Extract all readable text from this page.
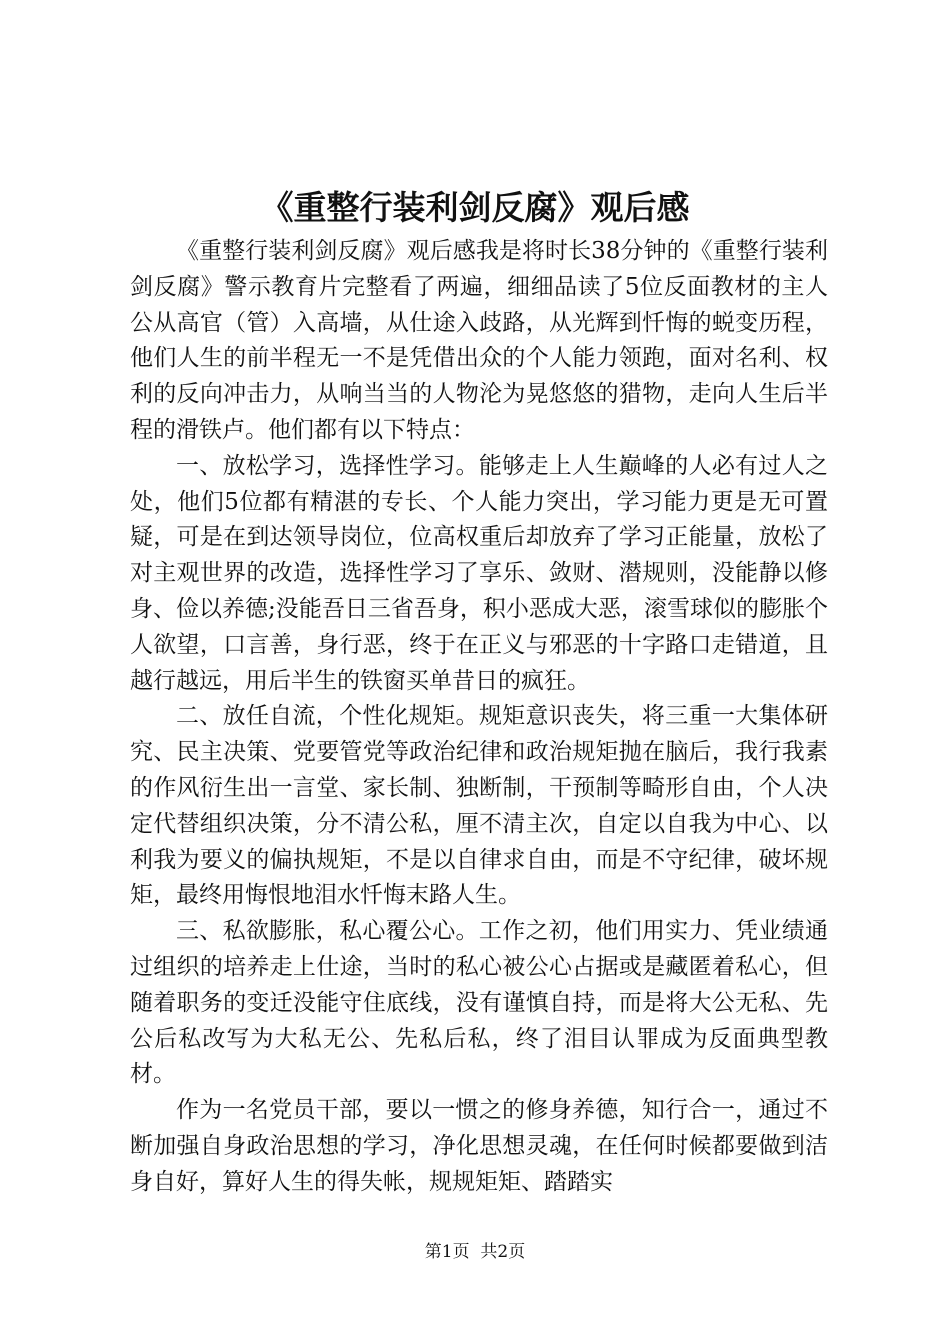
《重整行装利剑反腐》观后感

《重整行装利剑反腐》观后感我是将时长38分钟的《重整行装利剑反腐》警示教育片完整看了两遍，细细品读了5位反面教材的主人公从高官（管）入高墙，从仕途入歧路，从光辉到忏悔的蜕变历程，他们人生的前半程无一不是凭借出众的个人能力领跑，面对名利、权利的反向冲击力，从响当当的人物沦为晃悠悠的猎物，走向人生后半程的滑铁卢。他们都有以下特点：

一、放松学习，选择性学习。能够走上人生巅峰的人必有过人之处，他们5位都有精湛的专长、个人能力突出，学习能力更是无可置疑，可是在到达领导岗位，位高权重后却放弃了学习正能量，放松了对主观世界的改造，选择性学习了享乐、敛财、潜规则，没能静以修身、俭以养德;没能吾日三省吾身，积小恶成大恶，滚雪球似的膨胀个人欲望，口言善，身行恶，终于在正义与邪恶的十字路口走错道，且越行越远，用后半生的铁窗买单昔日的疯狂。

二、放任自流，个性化规矩。规矩意识丧失，将三重一大集体研究、民主决策、党要管党等政治纪律和政治规矩抛在脑后，我行我素的作风衍生出一言堂、家长制、独断制，干预制等畸形自由，个人决定代替组织决策，分不清公私，厘不清主次，自定以自我为中心、以利我为要义的偏执规矩，不是以自律求自由，而是不守纪律，破坏规矩，最终用悔恨地泪水忏悔末路人生。

三、私欲膨胀，私心覆公心。工作之初，他们用实力、凭业绩通过组织的培养走上仕途，当时的私心被公心占据或是藏匿着私心，但随着职务的变迁没能守住底线，没有谨慎自持，而是将大公无私、先公后私改写为大私无公、先私后私，终了泪目认罪成为反面典型教材。

作为一名党员干部，要以一惯之的修身养德，知行合一，通过不断加强自身政治思想的学习，净化思想灵魂，在任何时候都要做到洁身自好，算好人生的得失帐，规规矩矩、踏踏实

第1页  共2页
